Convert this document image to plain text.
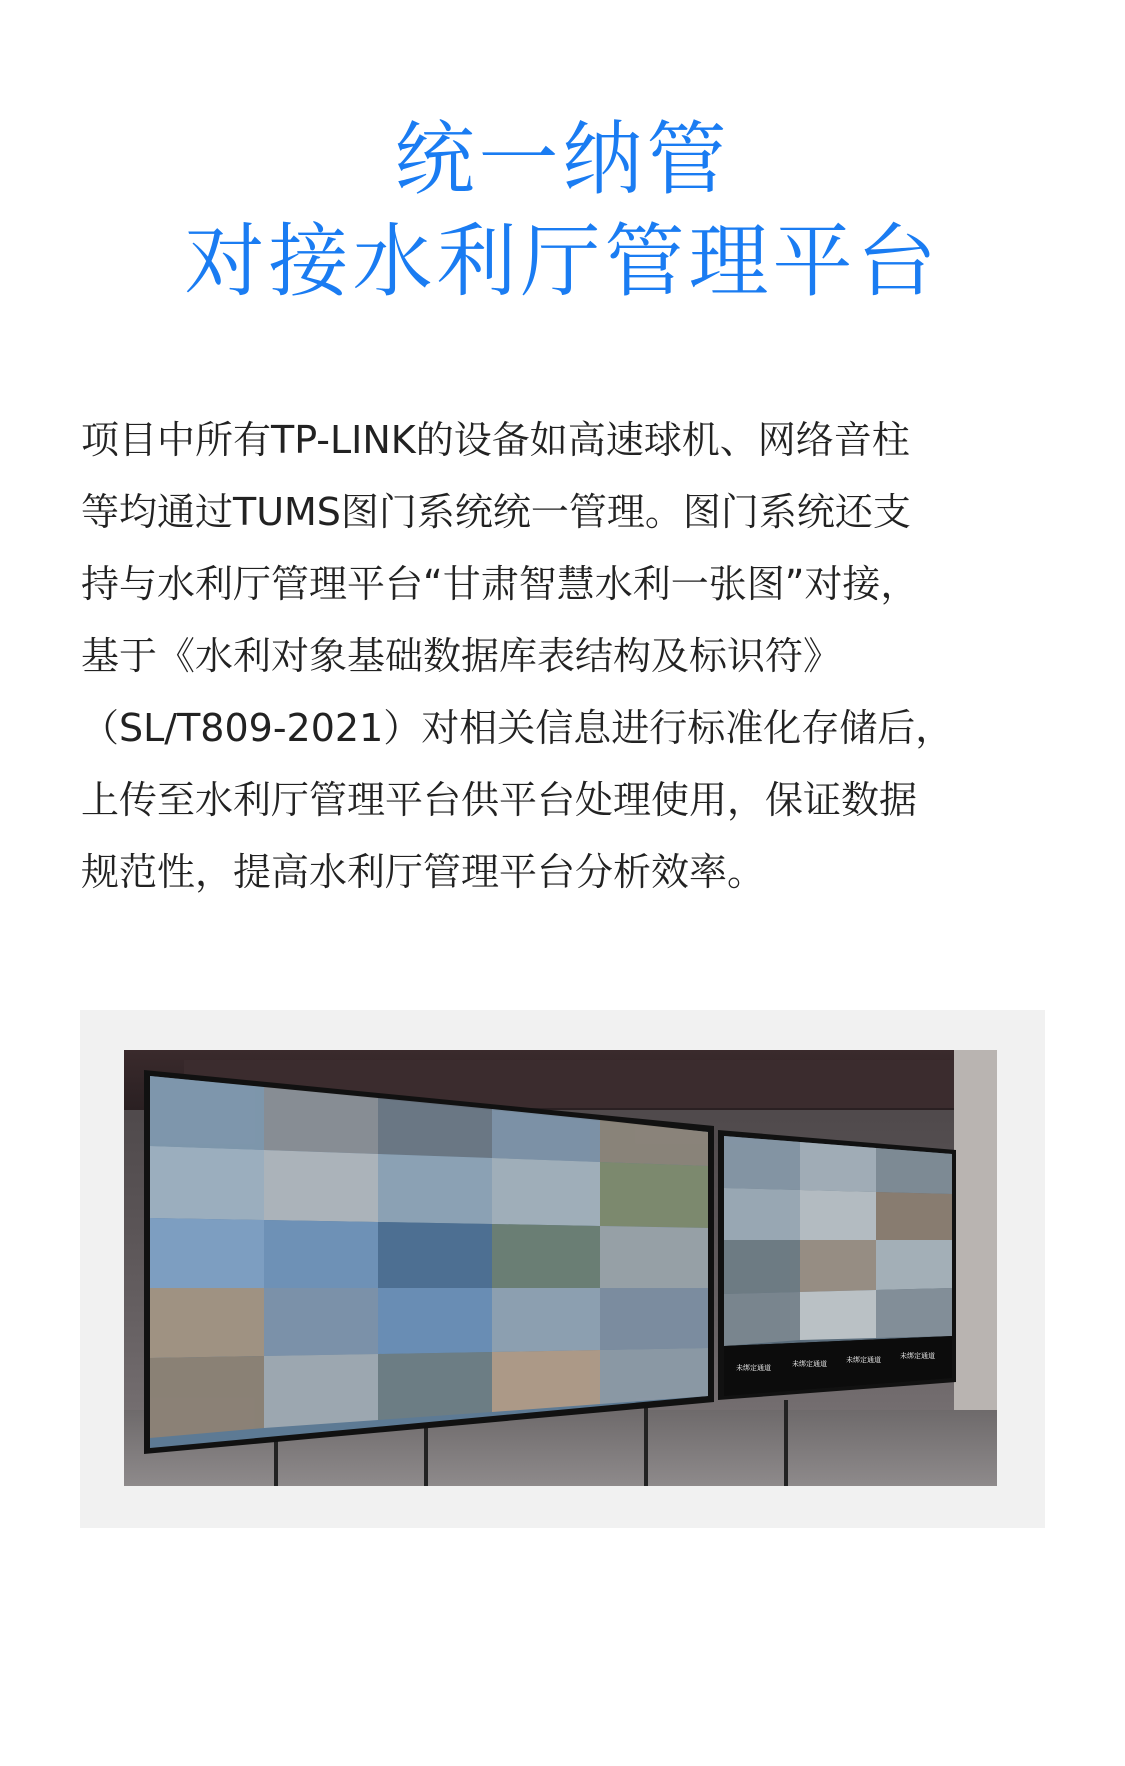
统一纳管
对接水利厅管理平台
项目中所有TP-LINK的设备如高速球机、网络音柱
等均通过TUMS图门系统统一管理。图门系统还支
持与水利厅管理平台“甘肃智慧水利一张图”对接，
基于《水利对象基础数据库表结构及标识符》
（SL/T809-2021）对相关信息进行标准化存储后，
上传至水利厅管理平台供平台处理使用，保证数据
规范性，提高水利厅管理平台分析效率。
未绑定通道	未绑定通道	未绑定通道	未绑定通道
